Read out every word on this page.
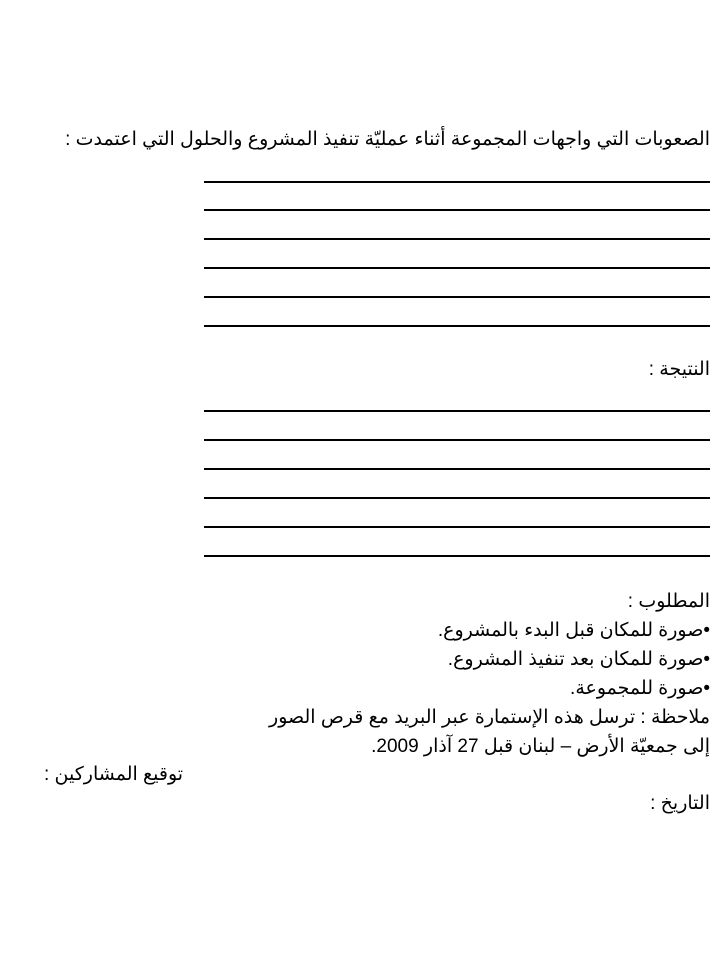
الصعوبات التي واجهات المجموعة أثناء عمليّة تنفيذ المشروع والحلول التي اعتمدت :
النتيجة :
المطلوب :
•صورة للمكان قبل البدء بالمشروع.
•صورة للمكان بعد تنفيذ المشروع.
•صورة للمجموعة.
ملاحظة : ترسل هذه الإستمارة عبر البريد مع قرص الصور
إلى جمعيّة الأرض – لبنان قبل 27 آذار 2009.
توقيع المشاركين :
التاريخ :
